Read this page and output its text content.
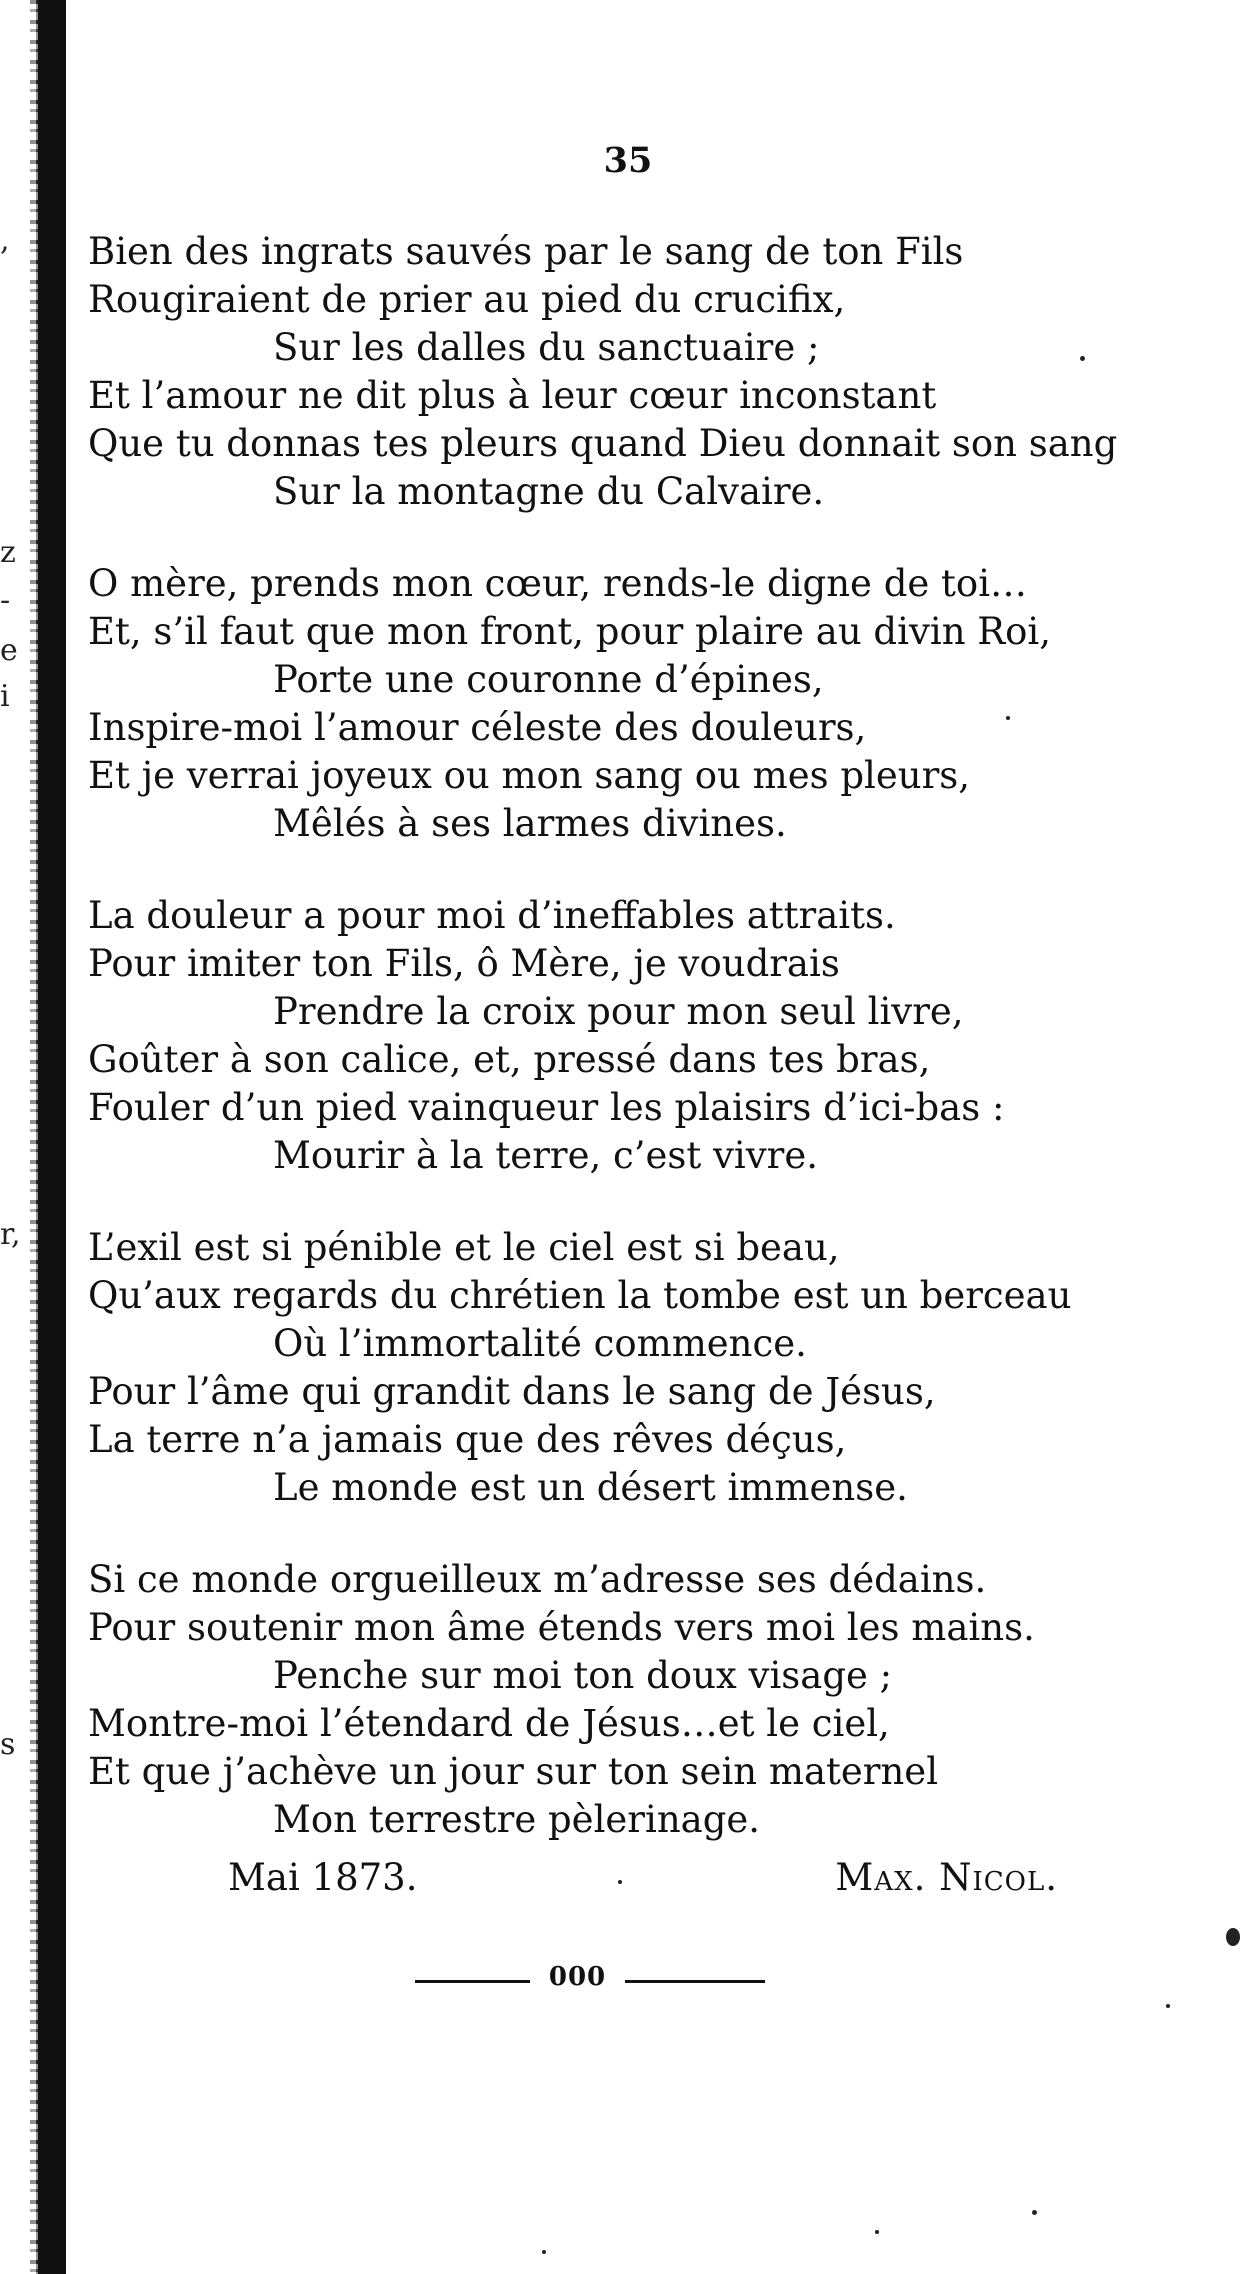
,
z
-
e
i
r,
s
35
Bien des ingrats sauvés par le sang de ton Fils
Rougiraient de prier au pied du crucifix,
Sur les dalles du sanctuaire ;
Et l’amour ne dit plus à leur cœur inconstant
Que tu donnas tes pleurs quand Dieu donnait son sang
Sur la montagne du Calvaire.
O mère, prends mon cœur, rends-le digne de toi…
Et, s’il faut que mon front, pour plaire au divin Roi,
Porte une couronne d’épines,
Inspire-moi l’amour céleste des douleurs,
Et je verrai joyeux ou mon sang ou mes pleurs,
Mêlés à ses larmes divines.
La douleur a pour moi d’ineffables attraits.
Pour imiter ton Fils, ô Mère, je voudrais
Prendre la croix pour mon seul livre,
Goûter à son calice, et, pressé dans tes bras,
Fouler d’un pied vainqueur les plaisirs d’ici-bas :
Mourir à la terre, c’est vivre.
L’exil est si pénible et le ciel est si beau,
Qu’aux regards du chrétien la tombe est un berceau
Où l’immortalité commence.
Pour l’âme qui grandit dans le sang de Jésus,
La terre n’a jamais que des rêves déçus,
Le monde est un désert immense.
Si ce monde orgueilleux m’adresse ses dédains.
Pour soutenir mon âme étends vers moi les mains.
Penche sur moi ton doux visage ;
Montre-moi l’étendard de Jésus…et le ciel,
Et que j’achève un jour sur ton sein maternel
Mon terrestre pèlerinage.
Mai 1873.	Max. Nicol.
000
